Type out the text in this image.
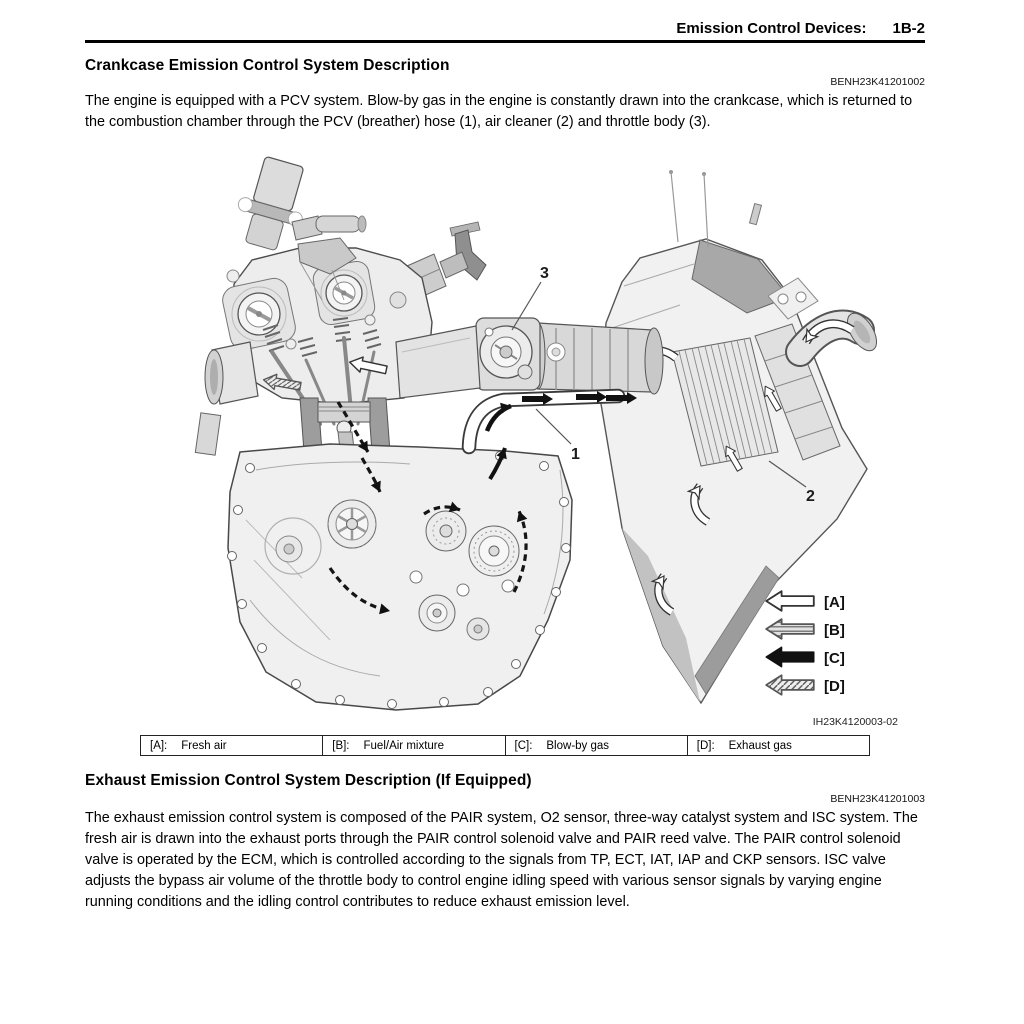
Emission Control Devices: 1B-2
Crankcase Emission Control System Description
BENH23K41201002
The engine is equipped with a PCV system. Blow-by gas in the engine is constantly drawn into the crankcase, which is returned to the combustion chamber through the PCV (breather) hose (1), air cleaner (2) and throttle body (3).
3
1
2
[A]
[B]
[C]
[D]
IH23K4120003-02
[A]: Fresh air	[B]: Fuel/Air mixture	[C]: Blow-by gas	[D]: Exhaust gas
Exhaust Emission Control System Description (If Equipped)
BENH23K41201003
The exhaust emission control system is composed of the PAIR system, O2 sensor, three-way catalyst system and ISC system. The fresh air is drawn into the exhaust ports through the PAIR control solenoid valve and PAIR reed valve. The PAIR control solenoid valve is operated by the ECM, which is controlled according to the signals from TP, ECT, IAT, IAP and CKP sensors. ISC valve adjusts the bypass air volume of the throttle body to control engine idling speed with various sensor signals by varying engine running conditions and the idling control contributes to reduce exhaust emission level.
